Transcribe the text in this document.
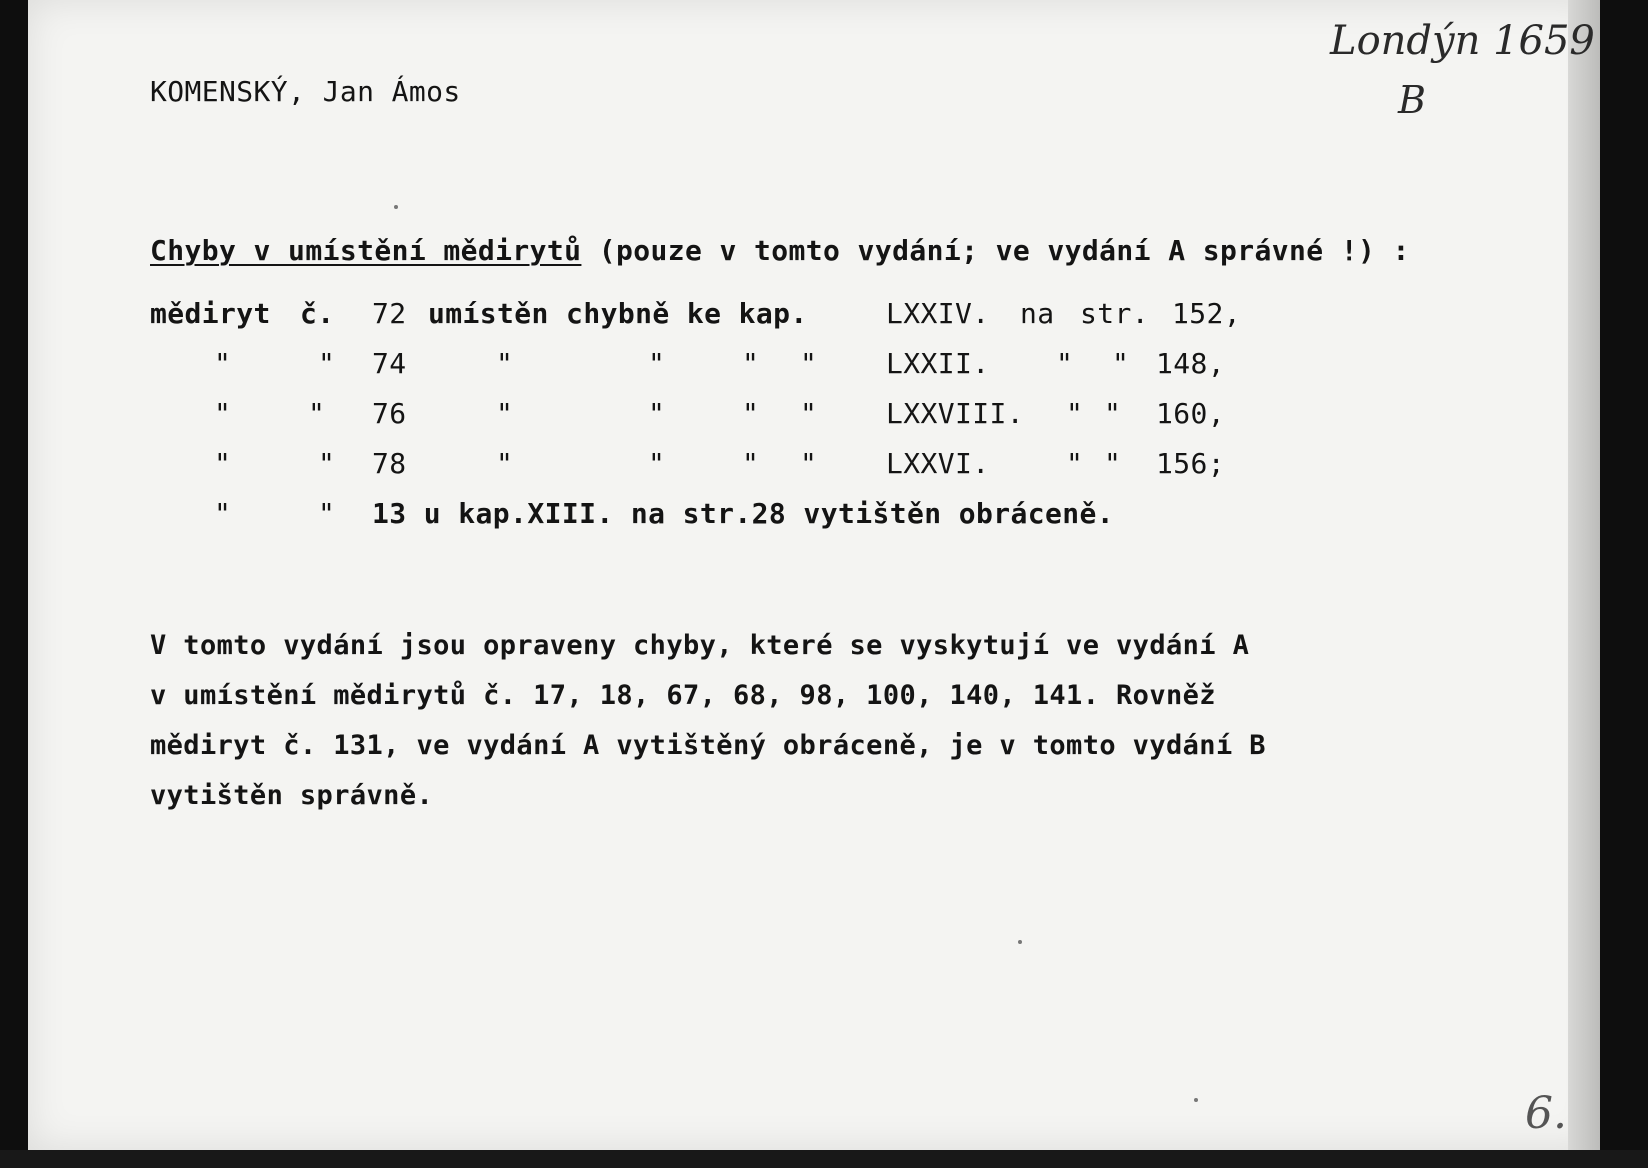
KOMENSKÝ, Jan Ámos
Londýn 1659
B
Chyby v umístění mědirytů (pouze v tomto vydání; ve vydání A správné !) :
mědiryt č. 72 umístěn chybně ke kap.	LXXIV. na str. 152,
"	" 74	"	"	" " LXXII. " " 148,
"	" 76	"	"	" " LXXVIII. " " 160,
"	" 78	"	"	" " LXXVI.	" " 156;
"	" 13 u kap.XIII. na str.28 vytištěn obráceně.
V tomto vydání jsou opraveny chyby, které se vyskytují ve vydání A
v umístění mědirytů č. 17, 18, 67, 68, 98, 100, 140, 141. Rovněž
mědiryt č. 131, ve vydání A vytištěný obráceně, je v tomto vydání B
vytištěn správně.
6.
